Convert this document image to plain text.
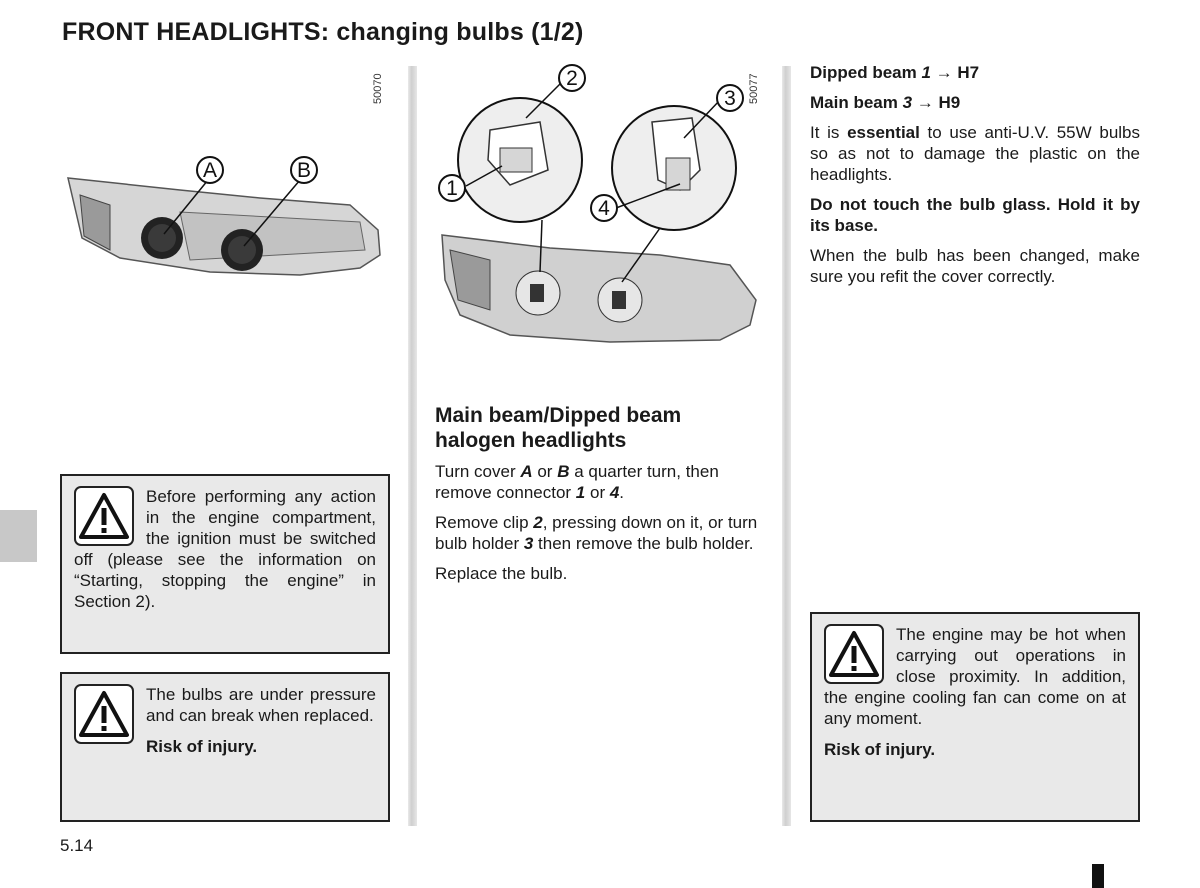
FRONT HEADLIGHTS: changing bulbs (1/2)
50070
A	B
50077
1
2
3
4

Before performing any action in the engine compartment, the ignition must be switched off (please see the information on “Starting, stopping the engine” in Section 2).

The bulbs are under pressure and can break when replaced.

Risk of injury.

Main beam/Dipped beam halogen headlights

Turn cover A or B a quarter turn, then remove connector 1 or 4.

Remove clip 2, pressing down on it, or turn bulb holder 3 then remove the bulb holder.

Replace the bulb.

Dipped beam 1 → H7

Main beam 3 → H9

It is essential to use anti-U.V. 55W bulbs so as not to damage the plastic on the headlights.

Do not touch the bulb glass. Hold it by its base.

When the bulb has been changed, make sure you refit the cover correctly.

The engine may be hot when carrying out operations in close proximity. In addition, the engine cooling fan can come on at any moment.

Risk of injury.

5.14
